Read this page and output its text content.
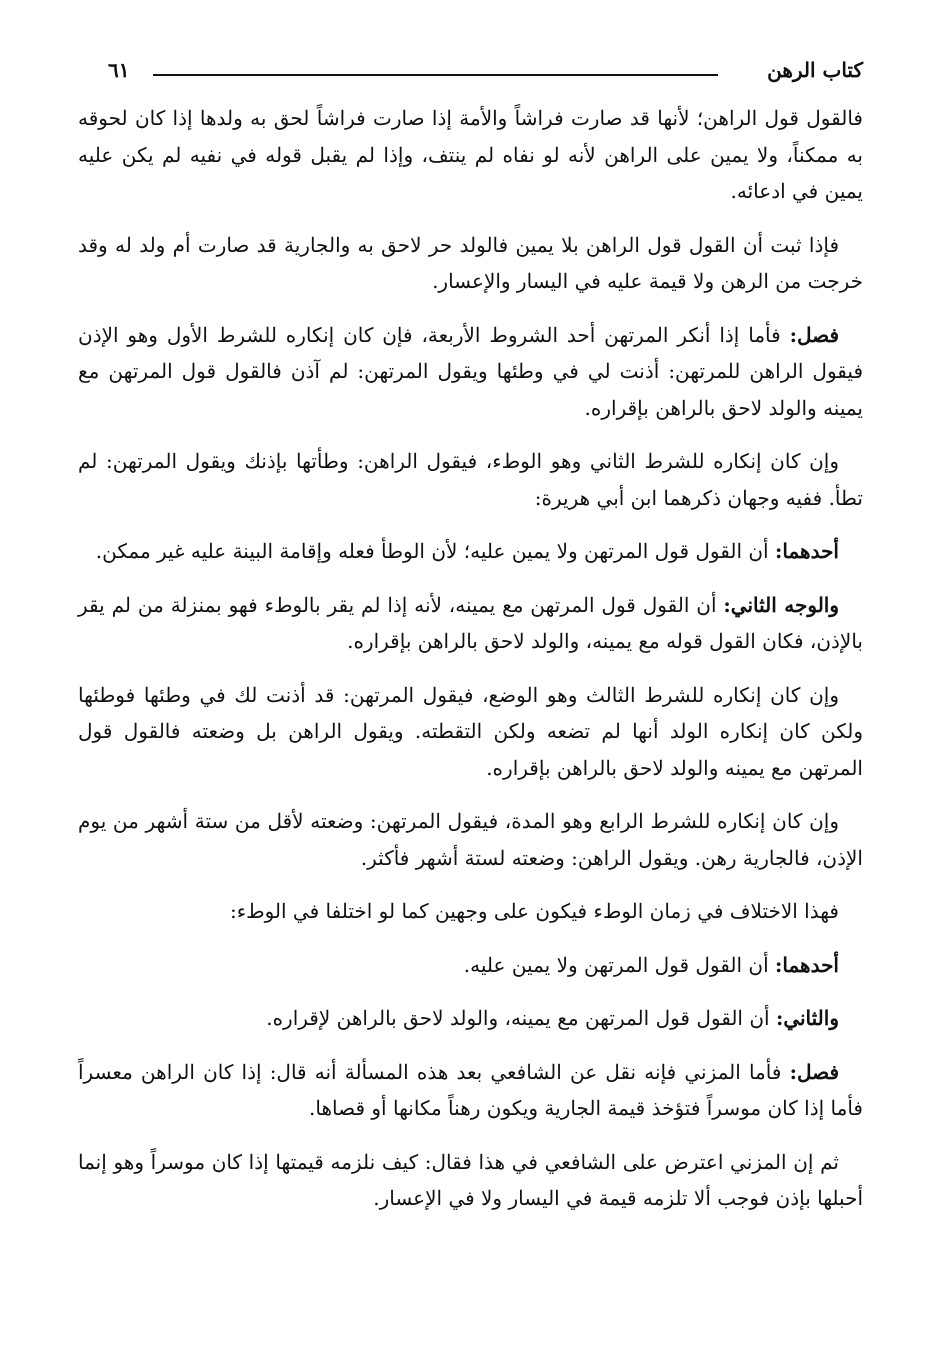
كتاب الرهن
٦١

فالقول قول الراهن؛ لأنها قد صارت فراشاً والأمة إذا صارت فراشاً لحق به ولدها إذا كان لحوقه به ممكناً، ولا يمين على الراهن لأنه لو نفاه لم ينتف، وإذا لم يقبل قوله في نفيه لم يكن عليه يمين في ادعائه.

فإذا ثبت أن القول قول الراهن بلا يمين فالولد حر لاحق به والجارية قد صارت أم ولد له وقد خرجت من الرهن ولا قيمة عليه في اليسار والإعسار.

فصل: فأما إذا أنكر المرتهن أحد الشروط الأربعة، فإن كان إنكاره للشرط الأول وهو الإذن فيقول الراهن للمرتهن: أذنت لي في وطئها ويقول المرتهن: لم آذن فالقول قول المرتهن مع يمينه والولد لاحق بالراهن بإقراره.

وإن كان إنكاره للشرط الثاني وهو الوطء، فيقول الراهن: وطأتها بإذنك ويقول المرتهن: لم تطأ. ففيه وجهان ذكرهما ابن أبي هريرة:

أحدهما: أن القول قول المرتهن ولا يمين عليه؛ لأن الوطأ فعله وإقامة البينة عليه غير ممكن.

والوجه الثاني: أن القول قول المرتهن مع يمينه، لأنه إذا لم يقر بالوطء فهو بمنزلة من لم يقر بالإذن، فكان القول قوله مع يمينه، والولد لاحق بالراهن بإقراره.

وإن كان إنكاره للشرط الثالث وهو الوضع، فيقول المرتهن: قد أذنت لك في وطئها فوطئها ولكن كان إنكاره الولد أنها لم تضعه ولكن التقطته. ويقول الراهن بل وضعته فالقول قول المرتهن مع يمينه والولد لاحق بالراهن بإقراره.

وإن كان إنكاره للشرط الرابع وهو المدة، فيقول المرتهن: وضعته لأقل من ستة أشهر من يوم الإذن، فالجارية رهن. ويقول الراهن: وضعته لستة أشهر فأكثر.

فهذا الاختلاف في زمان الوطء فيكون على وجهين كما لو اختلفا في الوطء:

أحدهما: أن القول قول المرتهن ولا يمين عليه.

والثاني: أن القول قول المرتهن مع يمينه، والولد لاحق بالراهن لإقراره.

فصل: فأما المزني فإنه نقل عن الشافعي بعد هذه المسألة أنه قال: إذا كان الراهن معسراً فأما إذا كان موسراً فتؤخذ قيمة الجارية ويكون رهناً مكانها أو قصاها.

ثم إن المزني اعترض على الشافعي في هذا فقال: كيف نلزمه قيمتها إذا كان موسراً وهو إنما أحبلها بإذن فوجب ألا تلزمه قيمة في اليسار ولا في الإعسار.
